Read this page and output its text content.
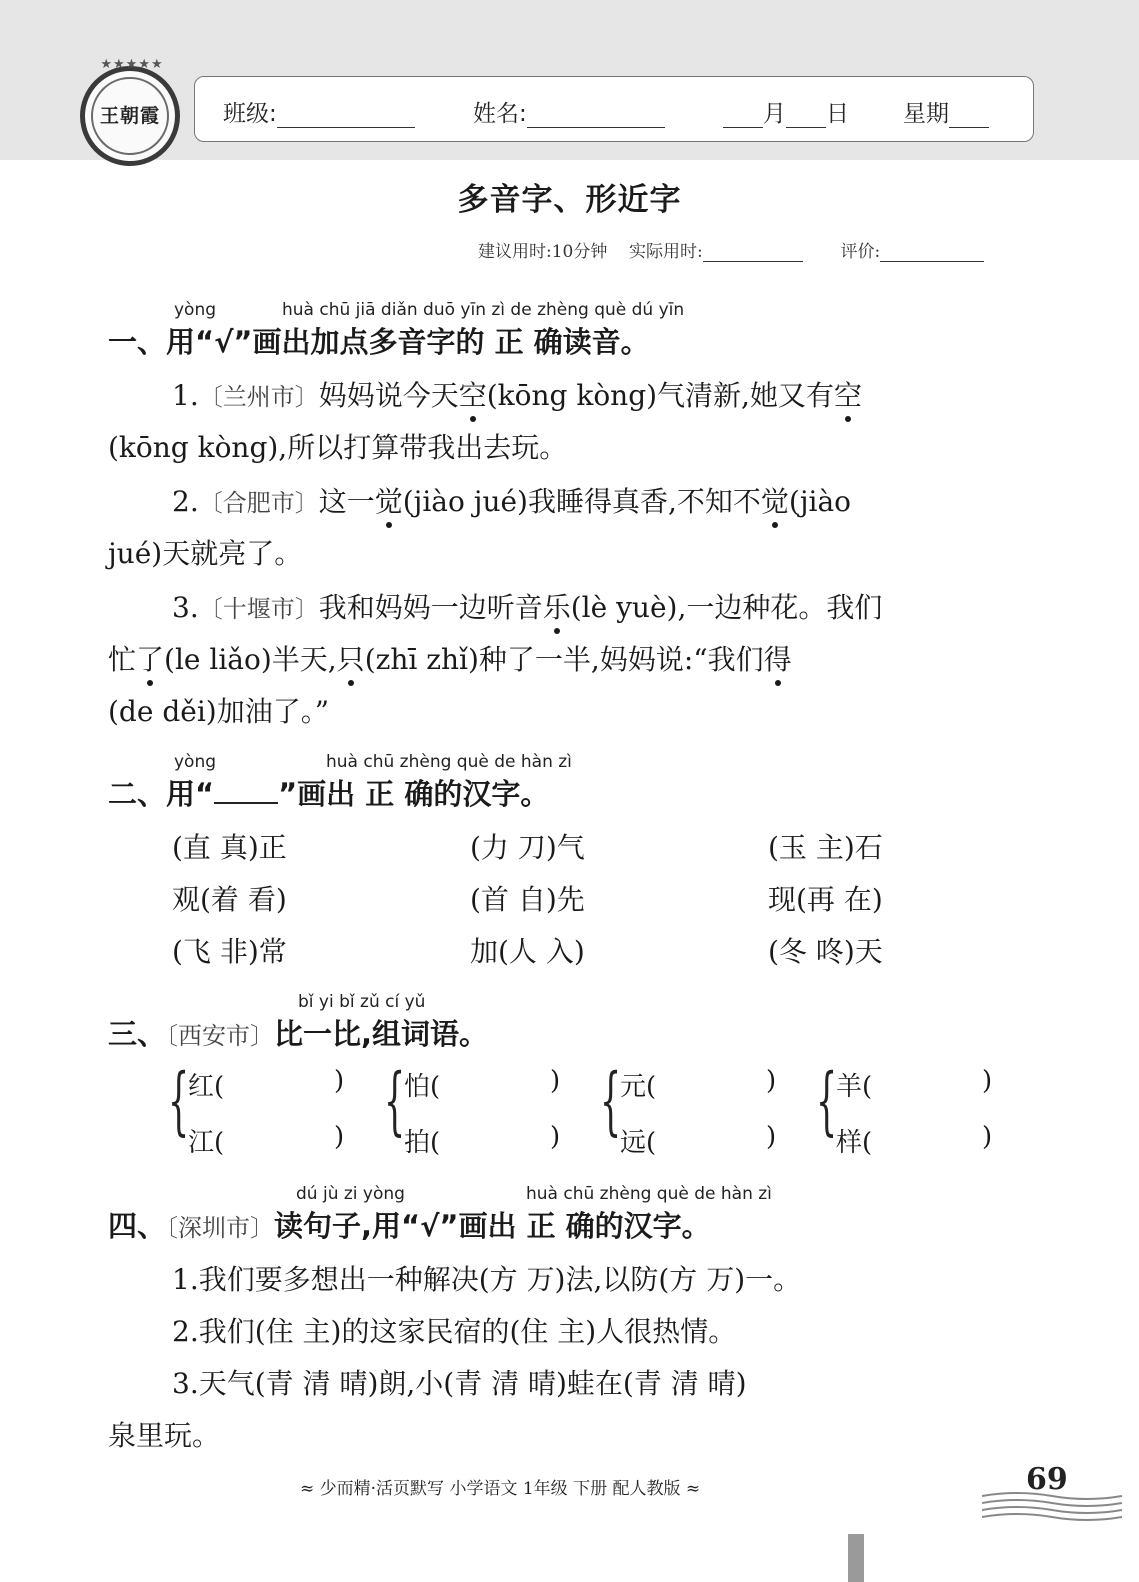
★★★★★
王朝霞	班级:	姓名:	月 日 星期
多音字、形近字
建议用时:10分钟 实际用时:	评价:
yòng	huà chū jiā diǎn duō yīn zì de zhèng què dú yīn
一、用“√”画出加点多音字的 正 确读音。
1.〔兰州市〕妈妈说今天空(kōng kòng)气清新,她又有空
(kōng kòng),所以打算带我出去玩。
2.〔合肥市〕这一觉(jiào jué)我睡得真香,不知不觉(jiào
jué)天就亮了。
3.〔十堰市〕我和妈妈一边听音乐(lè yuè),一边种花。我们
忙了(le liǎo)半天,只(zhī zhǐ)种了一半,妈妈说:“我们得
(de děi)加油了。”
yòng	huà chū zhèng què de hàn zì
二、用“ ”画出 正 确的汉字。
(直 真)正	(力 刀)气	(玉 主)石
观(着 看)	(首 自)先	现(再 在)
(飞 非)常	加(人 入)	(冬 咚)天
bǐ yi bǐ zǔ cí yǔ
三、〔西安市〕比一比,组词语。
{
红(	)
江(	) {
怕(	)
拍(	) {
元(	)
远(	) {
羊(	)
样(	)
dú jù zi yòng	huà chū zhèng què de hàn zì
四、〔深圳市〕读句子,用“√”画出 正 确的汉字。
1.我们要多想出一种解决(方 万)法,以防(方 万)一。
2.我们(住 主)的这家民宿的(住 主)人很热情。
3.天气(青 清 晴)朗,小(青 清 晴)蛙在(青 清 晴)
泉里玩。
≈ 少而精·活页默写 小学语文 1年级 下册 配人教版 ≈	69
